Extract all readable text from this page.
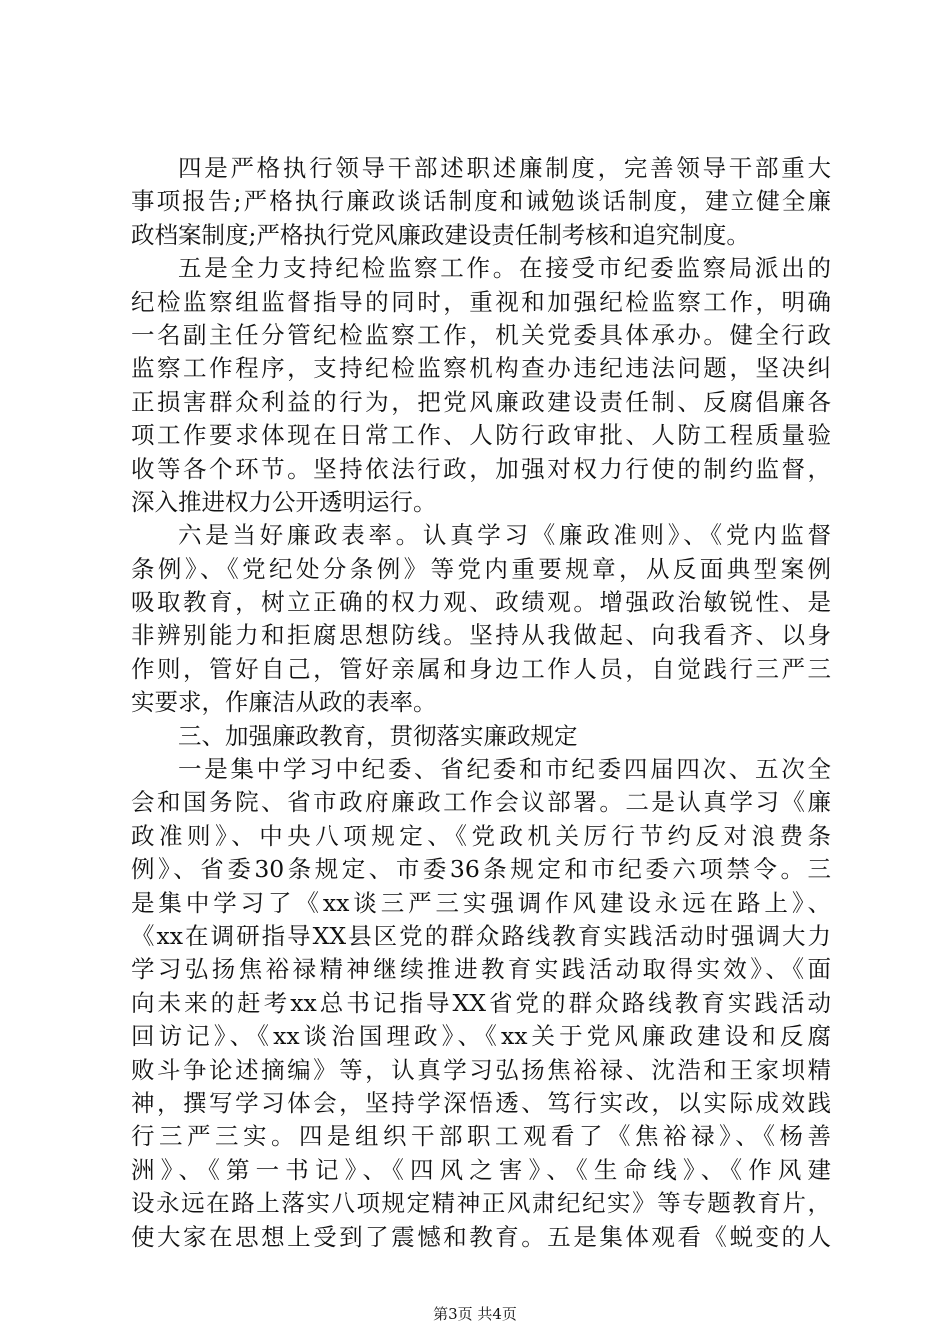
四是严格执行领导干部述职述廉制度，完善领导干部重大
事项报告;严格执行廉政谈话制度和诫勉谈话制度，建立健全廉
政档案制度;严格执行党风廉政建设责任制考核和追究制度。
五是全力支持纪检监察工作。在接受市纪委监察局派出的
纪检监察组监督指导的同时，重视和加强纪检监察工作，明确
一名副主任分管纪检监察工作，机关党委具体承办。健全行政
监察工作程序，支持纪检监察机构查办违纪违法问题，坚决纠
正损害群众利益的行为，把党风廉政建设责任制、反腐倡廉各
项工作要求体现在日常工作、人防行政审批、人防工程质量验
收等各个环节。坚持依法行政，加强对权力行使的制约监督，
深入推进权力公开透明运行。
六是当好廉政表率。认真学习《廉政准则》、《党内监督
条例》、《党纪处分条例》等党内重要规章，从反面典型案例
吸取教育，树立正确的权力观、政绩观。增强政治敏锐性、是
非辨别能力和拒腐思想防线。坚持从我做起、向我看齐、以身
作则，管好自己，管好亲属和身边工作人员，自觉践行三严三
实要求，作廉洁从政的表率。
三、加强廉政教育，贯彻落实廉政规定
一是集中学习中纪委、省纪委和市纪委四届四次、五次全
会和国务院、省市政府廉政工作会议部署。二是认真学习《廉
政准则》、中央八项规定、《党政机关厉行节约反对浪费条
例》、省委30条规定、市委36条规定和市纪委六项禁令。三
是集中学习了《xx谈三严三实强调作风建设永远在路上》、
《xx在调研指导XX县区党的群众路线教育实践活动时强调大力
学习弘扬焦裕禄精神继续推进教育实践活动取得实效》、《面
向未来的赶考xx总书记指导XX省党的群众路线教育实践活动
回访记》、《xx谈治国理政》、《xx关于党风廉政建设和反腐
败斗争论述摘编》等，认真学习弘扬焦裕禄、沈浩和王家坝精
神，撰写学习体会，坚持学深悟透、笃行实改，以实际成效践
行三严三实。四是组织干部职工观看了《焦裕禄》、《杨善
洲》、《第一书记》、《四风之害》、《生命线》、《作风建
设永远在路上落实八项规定精神正风肃纪纪实》等专题教育片，
使大家在思想上受到了震憾和教育。五是集体观看《蜕变的人
第3页 共4页
